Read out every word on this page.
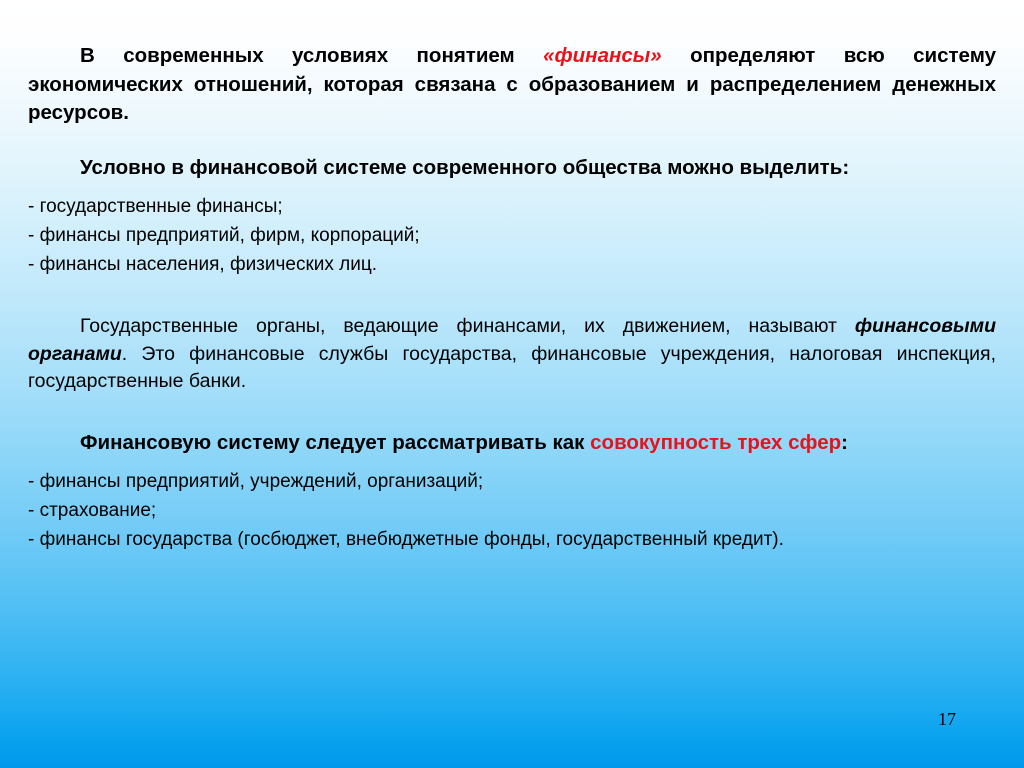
В современных условиях понятием «финансы» определяют всю систему экономических отношений, которая связана с образованием и распределением денежных ресурсов.

Условно в финансовой системе современного общества можно выделить:

- государственные финансы;

- финансы предприятий, фирм, корпораций;

- финансы населения, физических лиц.

Государственные органы, ведающие финансами, их движением, называют финансовыми органами. Это финансовые службы государства, финансовые учреждения, налоговая инспекция, государственные банки.

Финансовую систему следует рассматривать как совокупность трех сфер:

- финансы предприятий, учреждений, организаций;

- страхование;

- финансы государства (госбюджет, внебюджетные фонды, государственный кредит).

17
